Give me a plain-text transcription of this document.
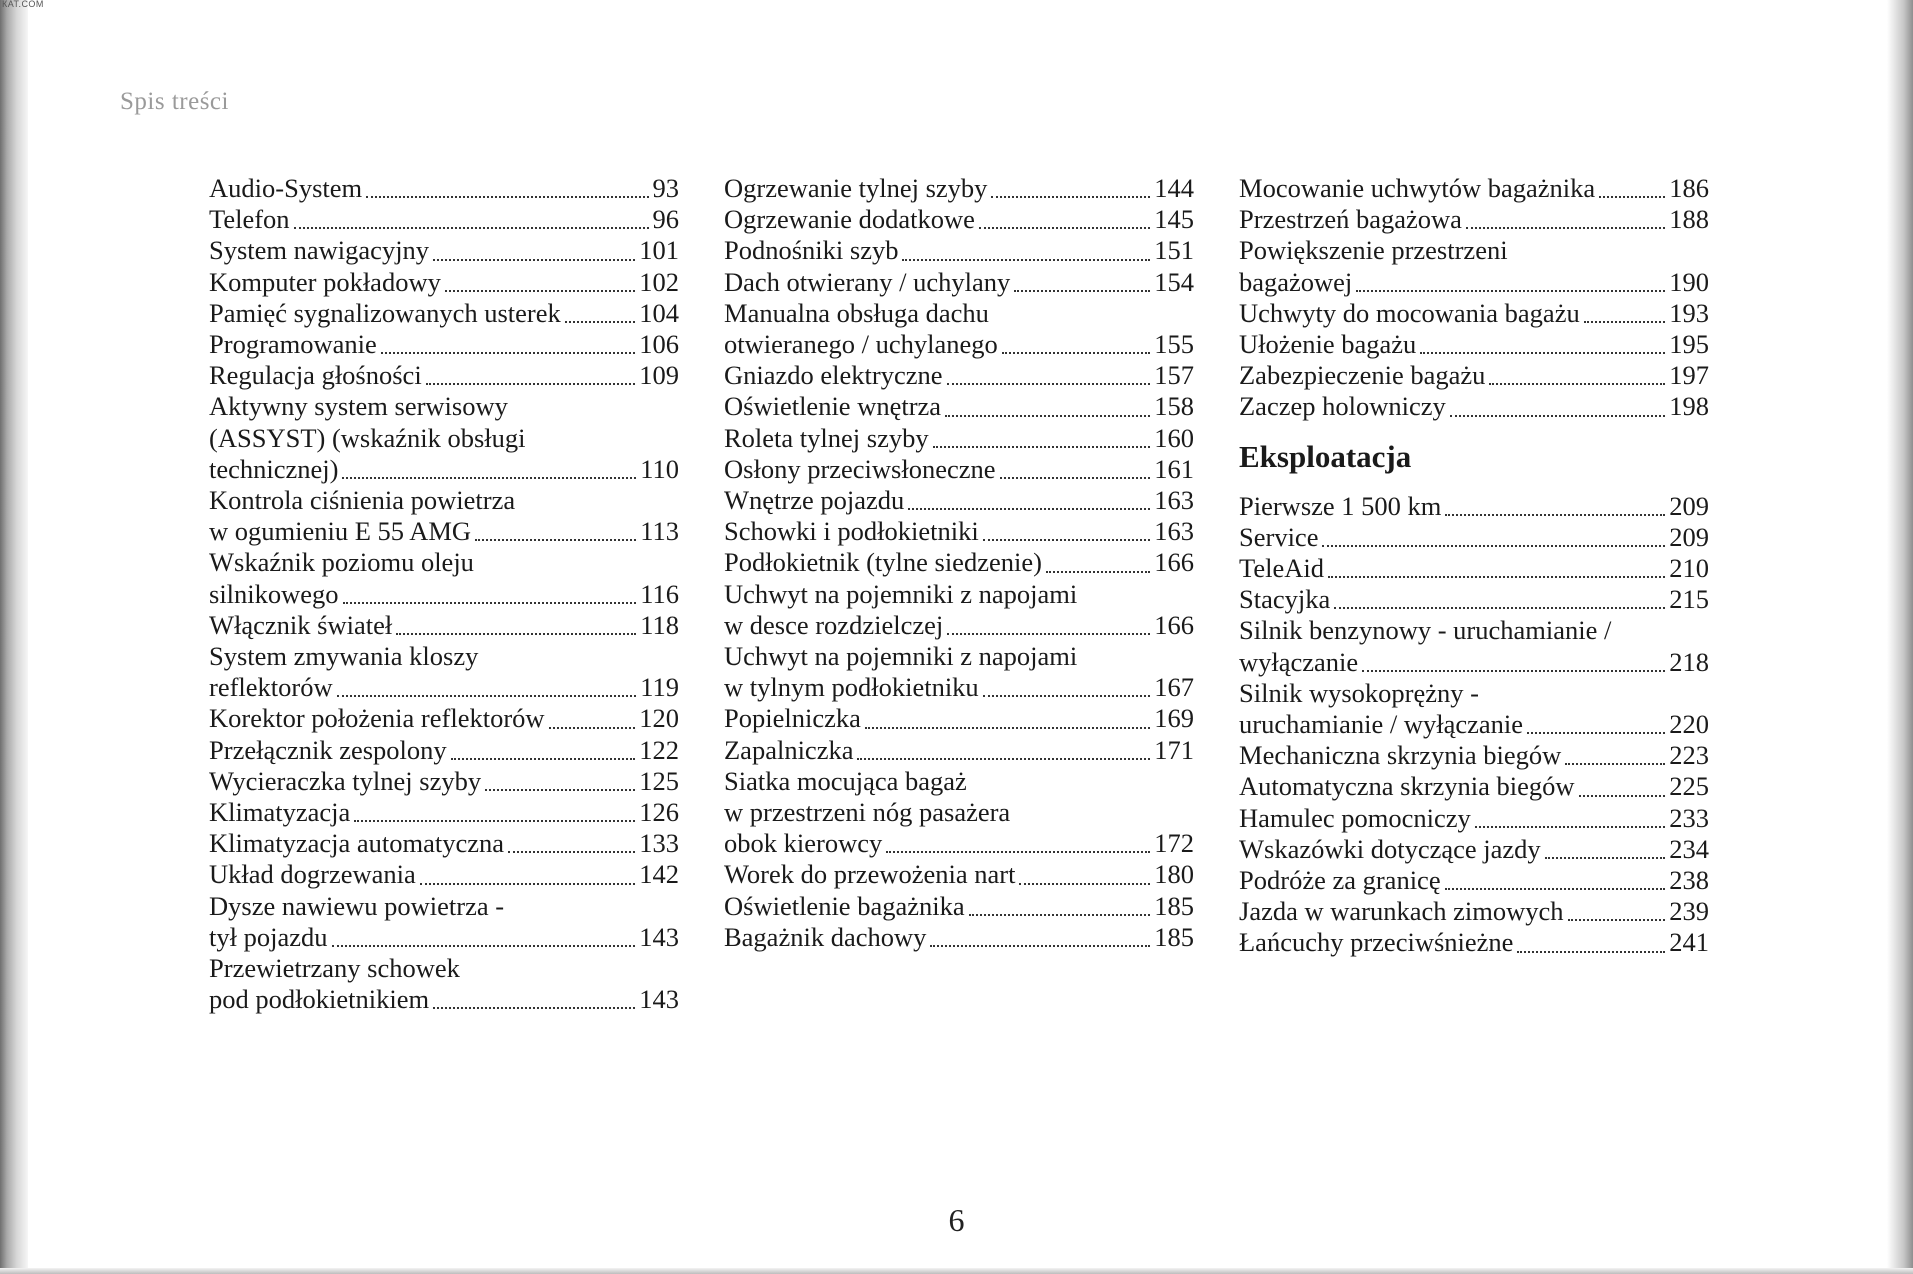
КАТ.СОМ
Spis treści
Audio-System	93
Telefon	96
System nawigacyjny	101
Komputer pokładowy	102
Pamięć sygnalizowanych usterek	104
Programowanie	106
Regulacja głośności	109
Aktywny system serwisowy
(ASSYST) (wskaźnik obsługi
technicznej)	110
Kontrola ciśnienia powietrza
w ogumieniu E 55 AMG	113
Wskaźnik poziomu oleju
silnikowego	116
Włącznik świateł	118
System zmywania kloszy
reflektorów	119
Korektor położenia reflektorów	120
Przełącznik zespolony	122
Wycieraczka tylnej szyby	125
Klimatyzacja	126
Klimatyzacja automatyczna	133
Układ dogrzewania	142
Dysze nawiewu powietrza -
tył pojazdu	143
Przewietrzany schowek
pod podłokietnikiem	143
Ogrzewanie tylnej szyby	144
Ogrzewanie dodatkowe	145
Podnośniki szyb	151
Dach otwierany / uchylany	154
Manualna obsługa dachu
otwieranego / uchylanego	155
Gniazdo elektryczne	157
Oświetlenie wnętrza	158
Roleta tylnej szyby	160
Osłony przeciwsłoneczne	161
Wnętrze pojazdu	163
Schowki i podłokietniki	163
Podłokietnik (tylne siedzenie)	166
Uchwyt na pojemniki z napojami
w desce rozdzielczej	166
Uchwyt na pojemniki z napojami
w tylnym podłokietniku	167
Popielniczka	169
Zapalniczka	171
Siatka mocująca bagaż
w przestrzeni nóg pasażera
obok kierowcy	172
Worek do przewożenia nart	180
Oświetlenie bagażnika	185
Bagażnik dachowy	185
Mocowanie uchwytów bagażnika	186
Przestrzeń bagażowa	188
Powiększenie przestrzeni
bagażowej	190
Uchwyty do mocowania bagażu	193
Ułożenie bagażu	195
Zabezpieczenie bagażu	197
Zaczep holowniczy	198
Eksploatacja
Pierwsze 1 500 km	209
Service	209
TeleAid	210
Stacyjka	215
Silnik benzynowy - uruchamianie /
wyłączanie	218
Silnik wysokoprężny -
uruchamianie / wyłączanie	220
Mechaniczna skrzynia biegów	223
Automatyczna skrzynia biegów	225
Hamulec pomocniczy	233
Wskazówki dotyczące jazdy	234
Podróże za granicę	238
Jazda w warunkach zimowych	239
Łańcuchy przeciwśnieżne	241
6
